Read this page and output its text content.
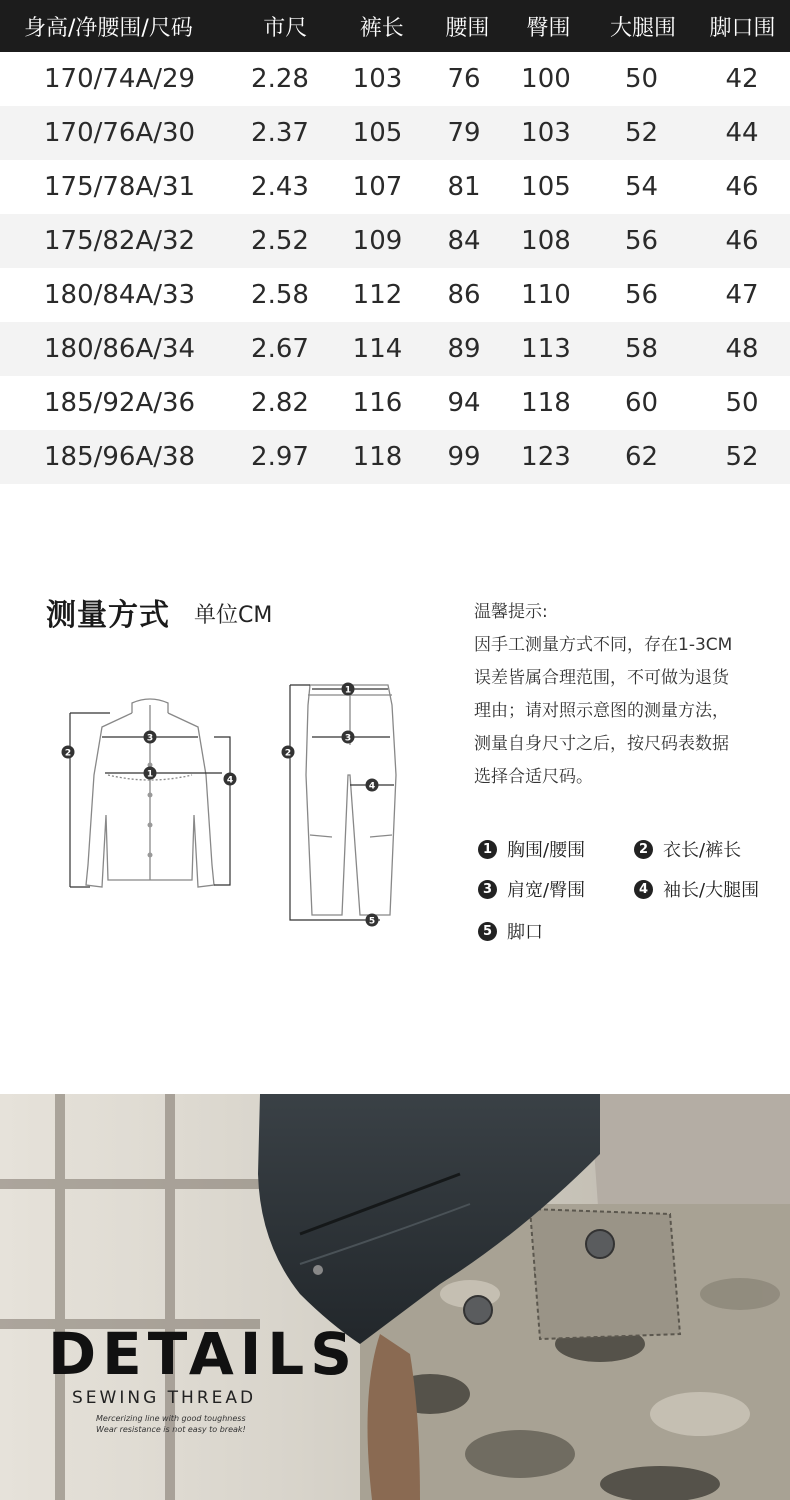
身高/净腰围/尺码	市尺	裤长	腰围	臀围	大腿围	脚口围
170/74A/29	2.28	103	76	100	50	42
170/76A/30	2.37	105	79	103	52	44
175/78A/31	2.43	107	81	105	54	46
175/82A/32	2.52	109	84	108	56	46
180/84A/33	2.58	112	86	110	56	47
180/86A/34	2.67	114	89	113	58	48
185/92A/36	2.82	116	94	118	60	50
185/96A/38	2.97	118	99	123	62	52
测量方式 单位CM	温馨提示:

因手工测量方式不同，存在1-3CM

误差皆属合理范围，不可做为退货

理由；请对照示意图的测量方法，

测量自身尺寸之后，按尺码表数据

选择合适尺码。

1
2
3
4
1
2
3
4
5
1 胸围/腰围	2 衣长/裤长
3 肩宽/臀围	4 袖长/大腿围
5 脚口
DETAILS
SEWING THREAD
Mercerizing line with good toughness
Wear resistance is not easy to break!
